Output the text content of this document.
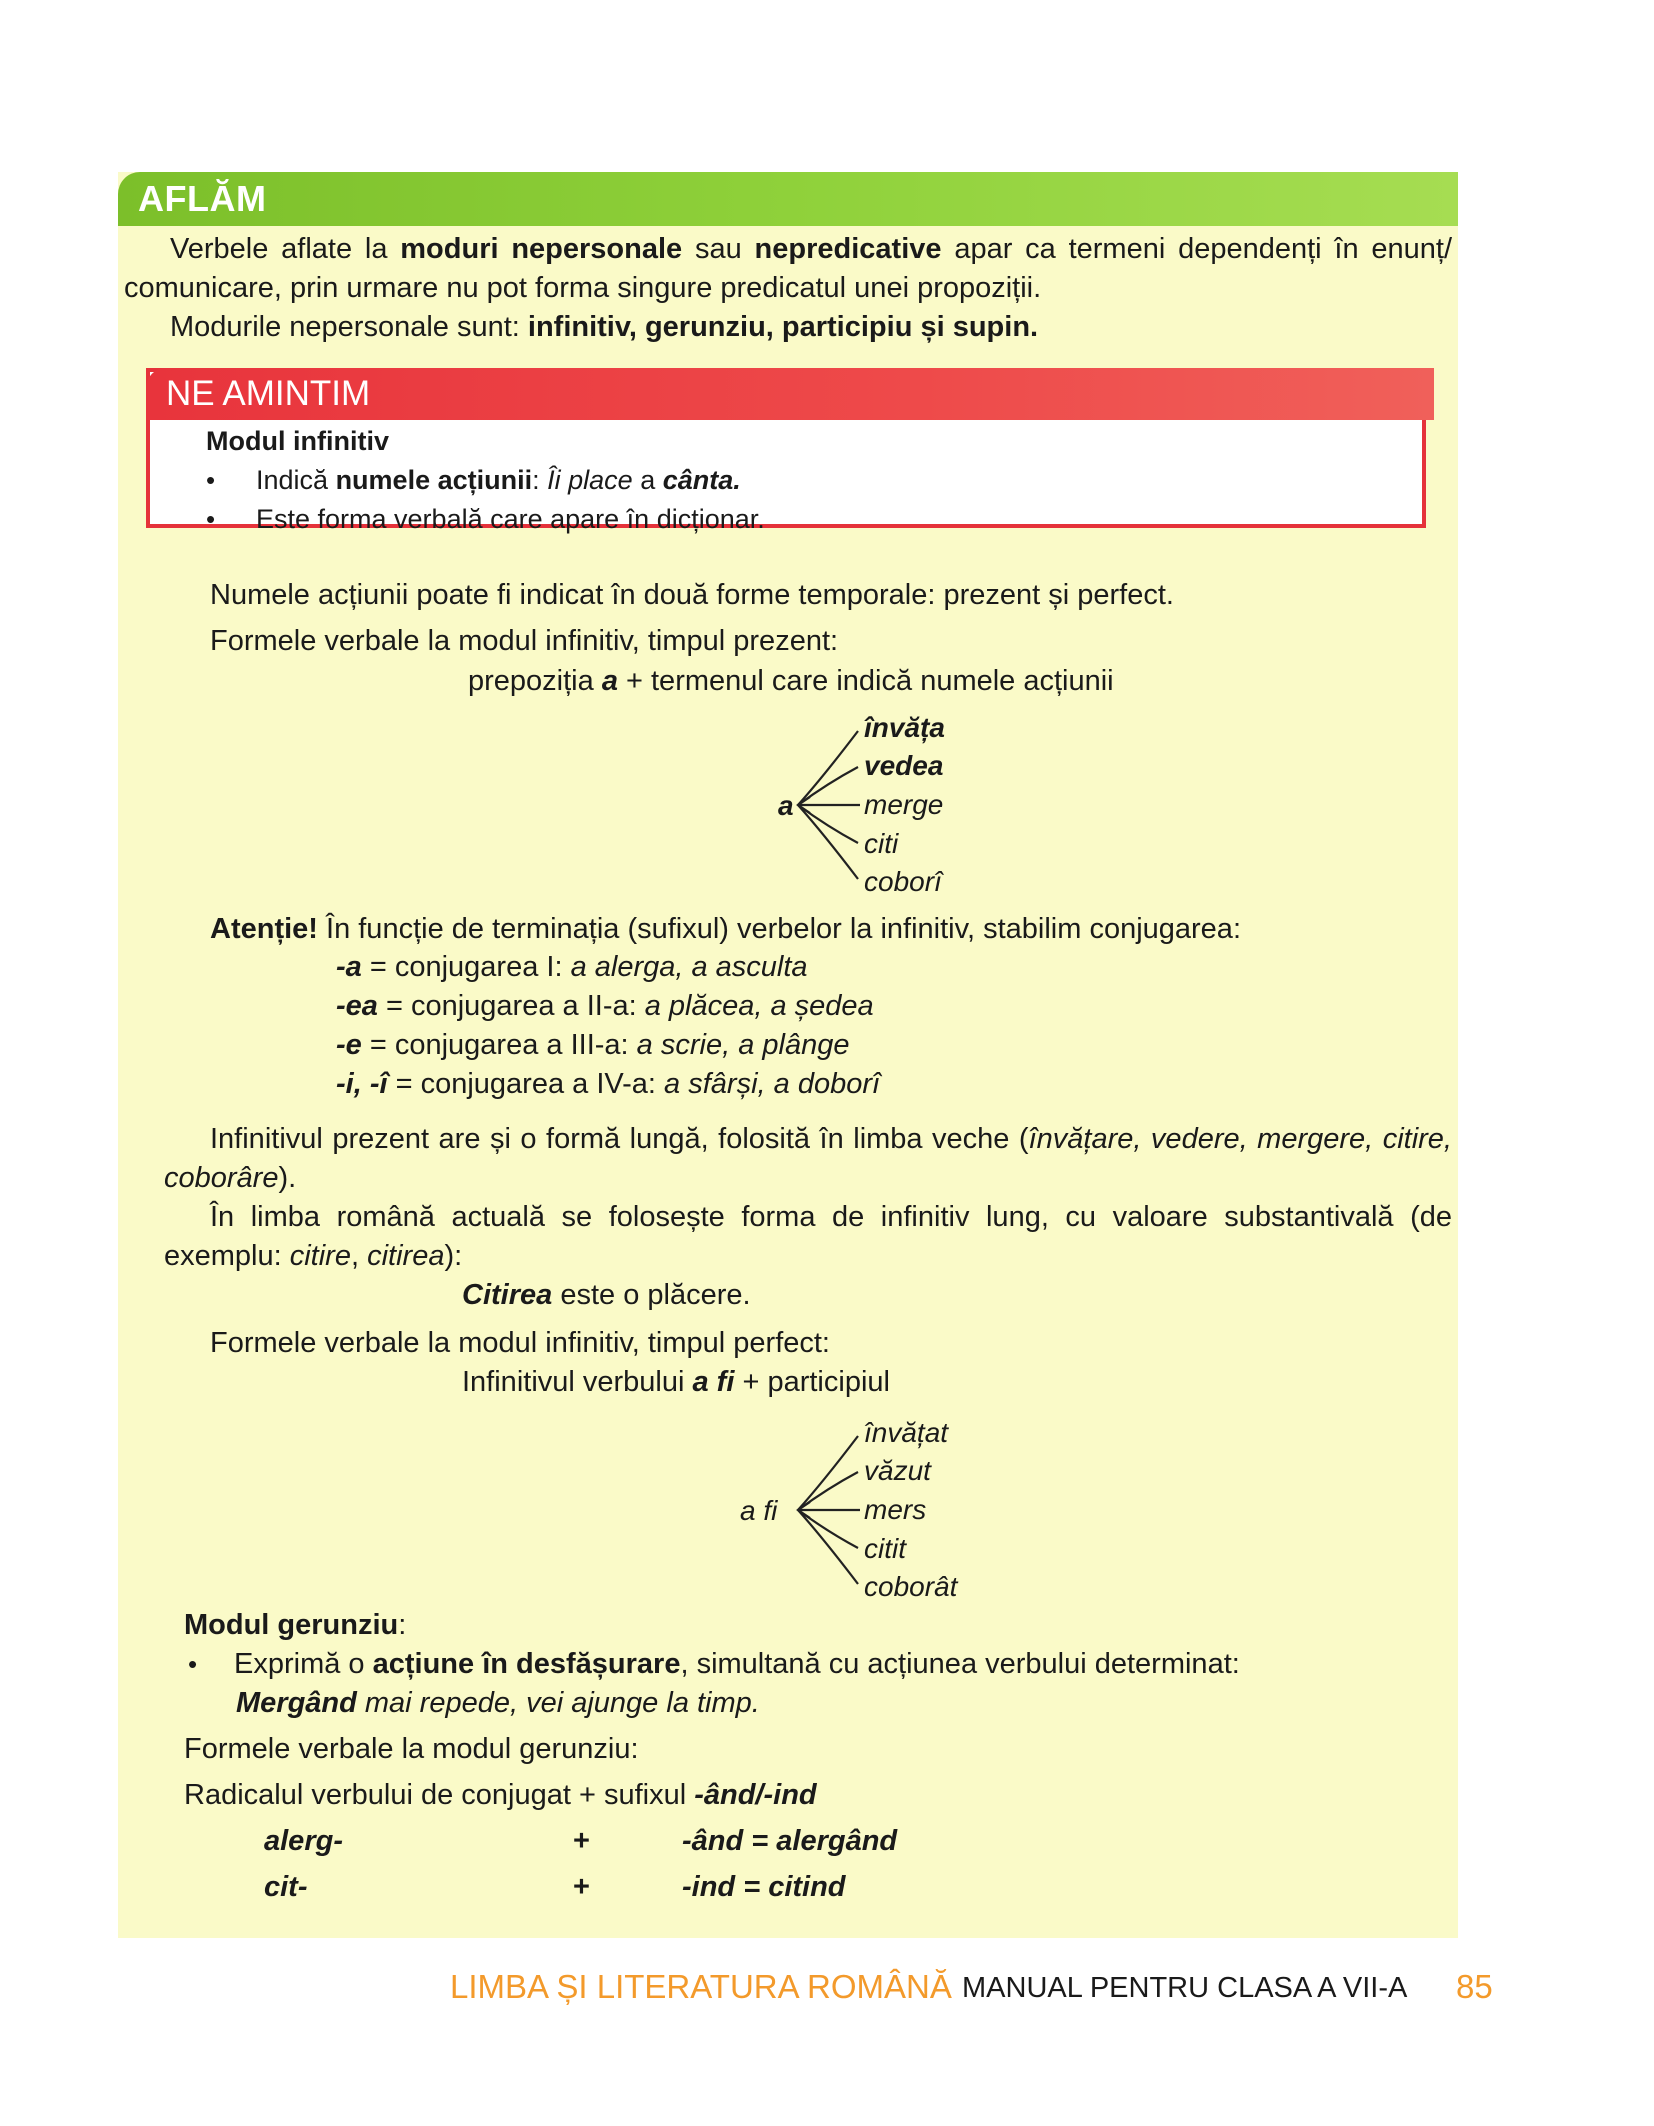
AFLĂM
Verbele aflate la moduri nepersonale sau nepredicative apar ca termeni dependenți în enunț/
comunicare, prin urmare nu pot forma singure predicatul unei propoziții.
Modurile nepersonale sunt: infinitiv, gerunziu, participiu și supin.
NE AMINTIM
Modul infinitiv
• Indică numele acțiunii: Îi place a cânta.
• Este forma verbală care apare în dicționar.
Numele acțiunii poate fi indicat în două forme temporale: prezent și perfect.
Formele verbale la modul infinitiv, timpul prezent:
prepoziția a + termenul care indică numele acțiunii
a
învăța
vedea
merge
citi
coborî
Atenție! În funcție de terminația (sufixul) verbelor la infinitiv, stabilim conjugarea:
-a = conjugarea I: a alerga, a asculta
-ea = conjugarea a II-a: a plăcea, a ședea
-e = conjugarea a III-a: a scrie, a plânge
-i, -î = conjugarea a IV-a: a sfârși, a doborî
Infinitivul prezent are și o formă lungă, folosită în limba veche (învățare, vedere, mergere, citire,
coborâre).
În limba română actuală se folosește forma de infinitiv lung, cu valoare substantivală (de
exemplu: citire, citirea):
Citirea este o plăcere.
Formele verbale la modul infinitiv, timpul perfect:
Infinitivul verbului a fi + participiul
a fi
învățat
văzut
mers
citit
coborât
Modul gerunziu:
• Exprimă o acțiune în desfășurare, simultană cu acțiunea verbului determinat:
Mergând mai repede, vei ajunge la timp.
Formele verbale la modul gerunziu:
Radicalul verbului de conjugat + sufixul -ând/-ind
alerg-	+	-ând = alergând
cit-	+	-ind = citind
LIMBA ȘI LITERATURA ROMÂNĂ MANUAL PENTRU CLASA A VII-A 85
